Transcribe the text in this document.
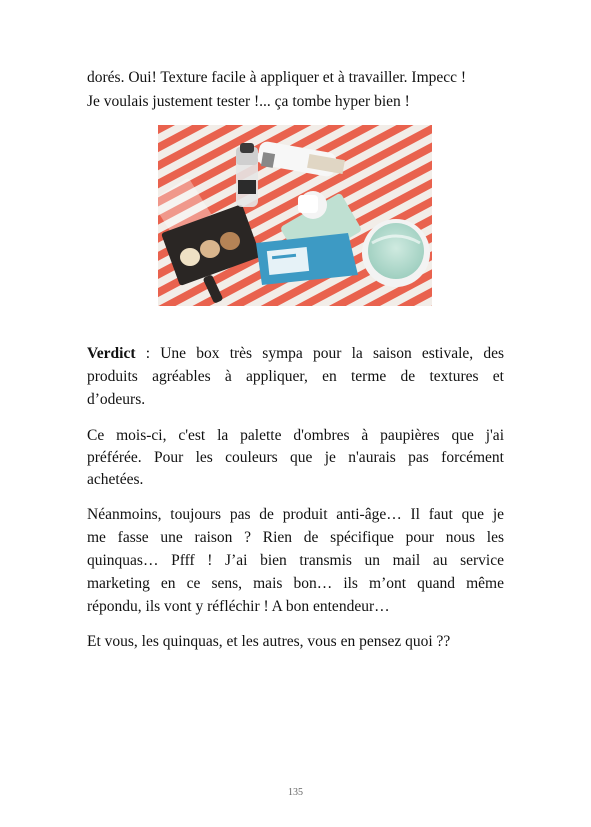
dorés. Oui! Texture facile à appliquer et à travailler. Impecc !
Je voulais justement tester !... ça tombe hyper bien !
Verdict : Une box très sympa pour la saison estivale, des
produits agréables à appliquer, en terme de textures et
d’odeurs.
Ce mois-ci, c'est la palette d'ombres à paupières que j'ai
préférée. Pour les couleurs que je n'aurais pas forcément
achetées.
Néanmoins, toujours pas de produit anti-âge… Il faut que je
me fasse une raison ? Rien de spécifique pour nous les
quinquas… Pfff ! J’ai bien transmis un mail au service
marketing en ce sens, mais bon… ils m’ont quand même
répondu, ils vont y réfléchir ! A bon entendeur…
Et vous, les quinquas, et les autres, vous en pensez quoi ??
135
